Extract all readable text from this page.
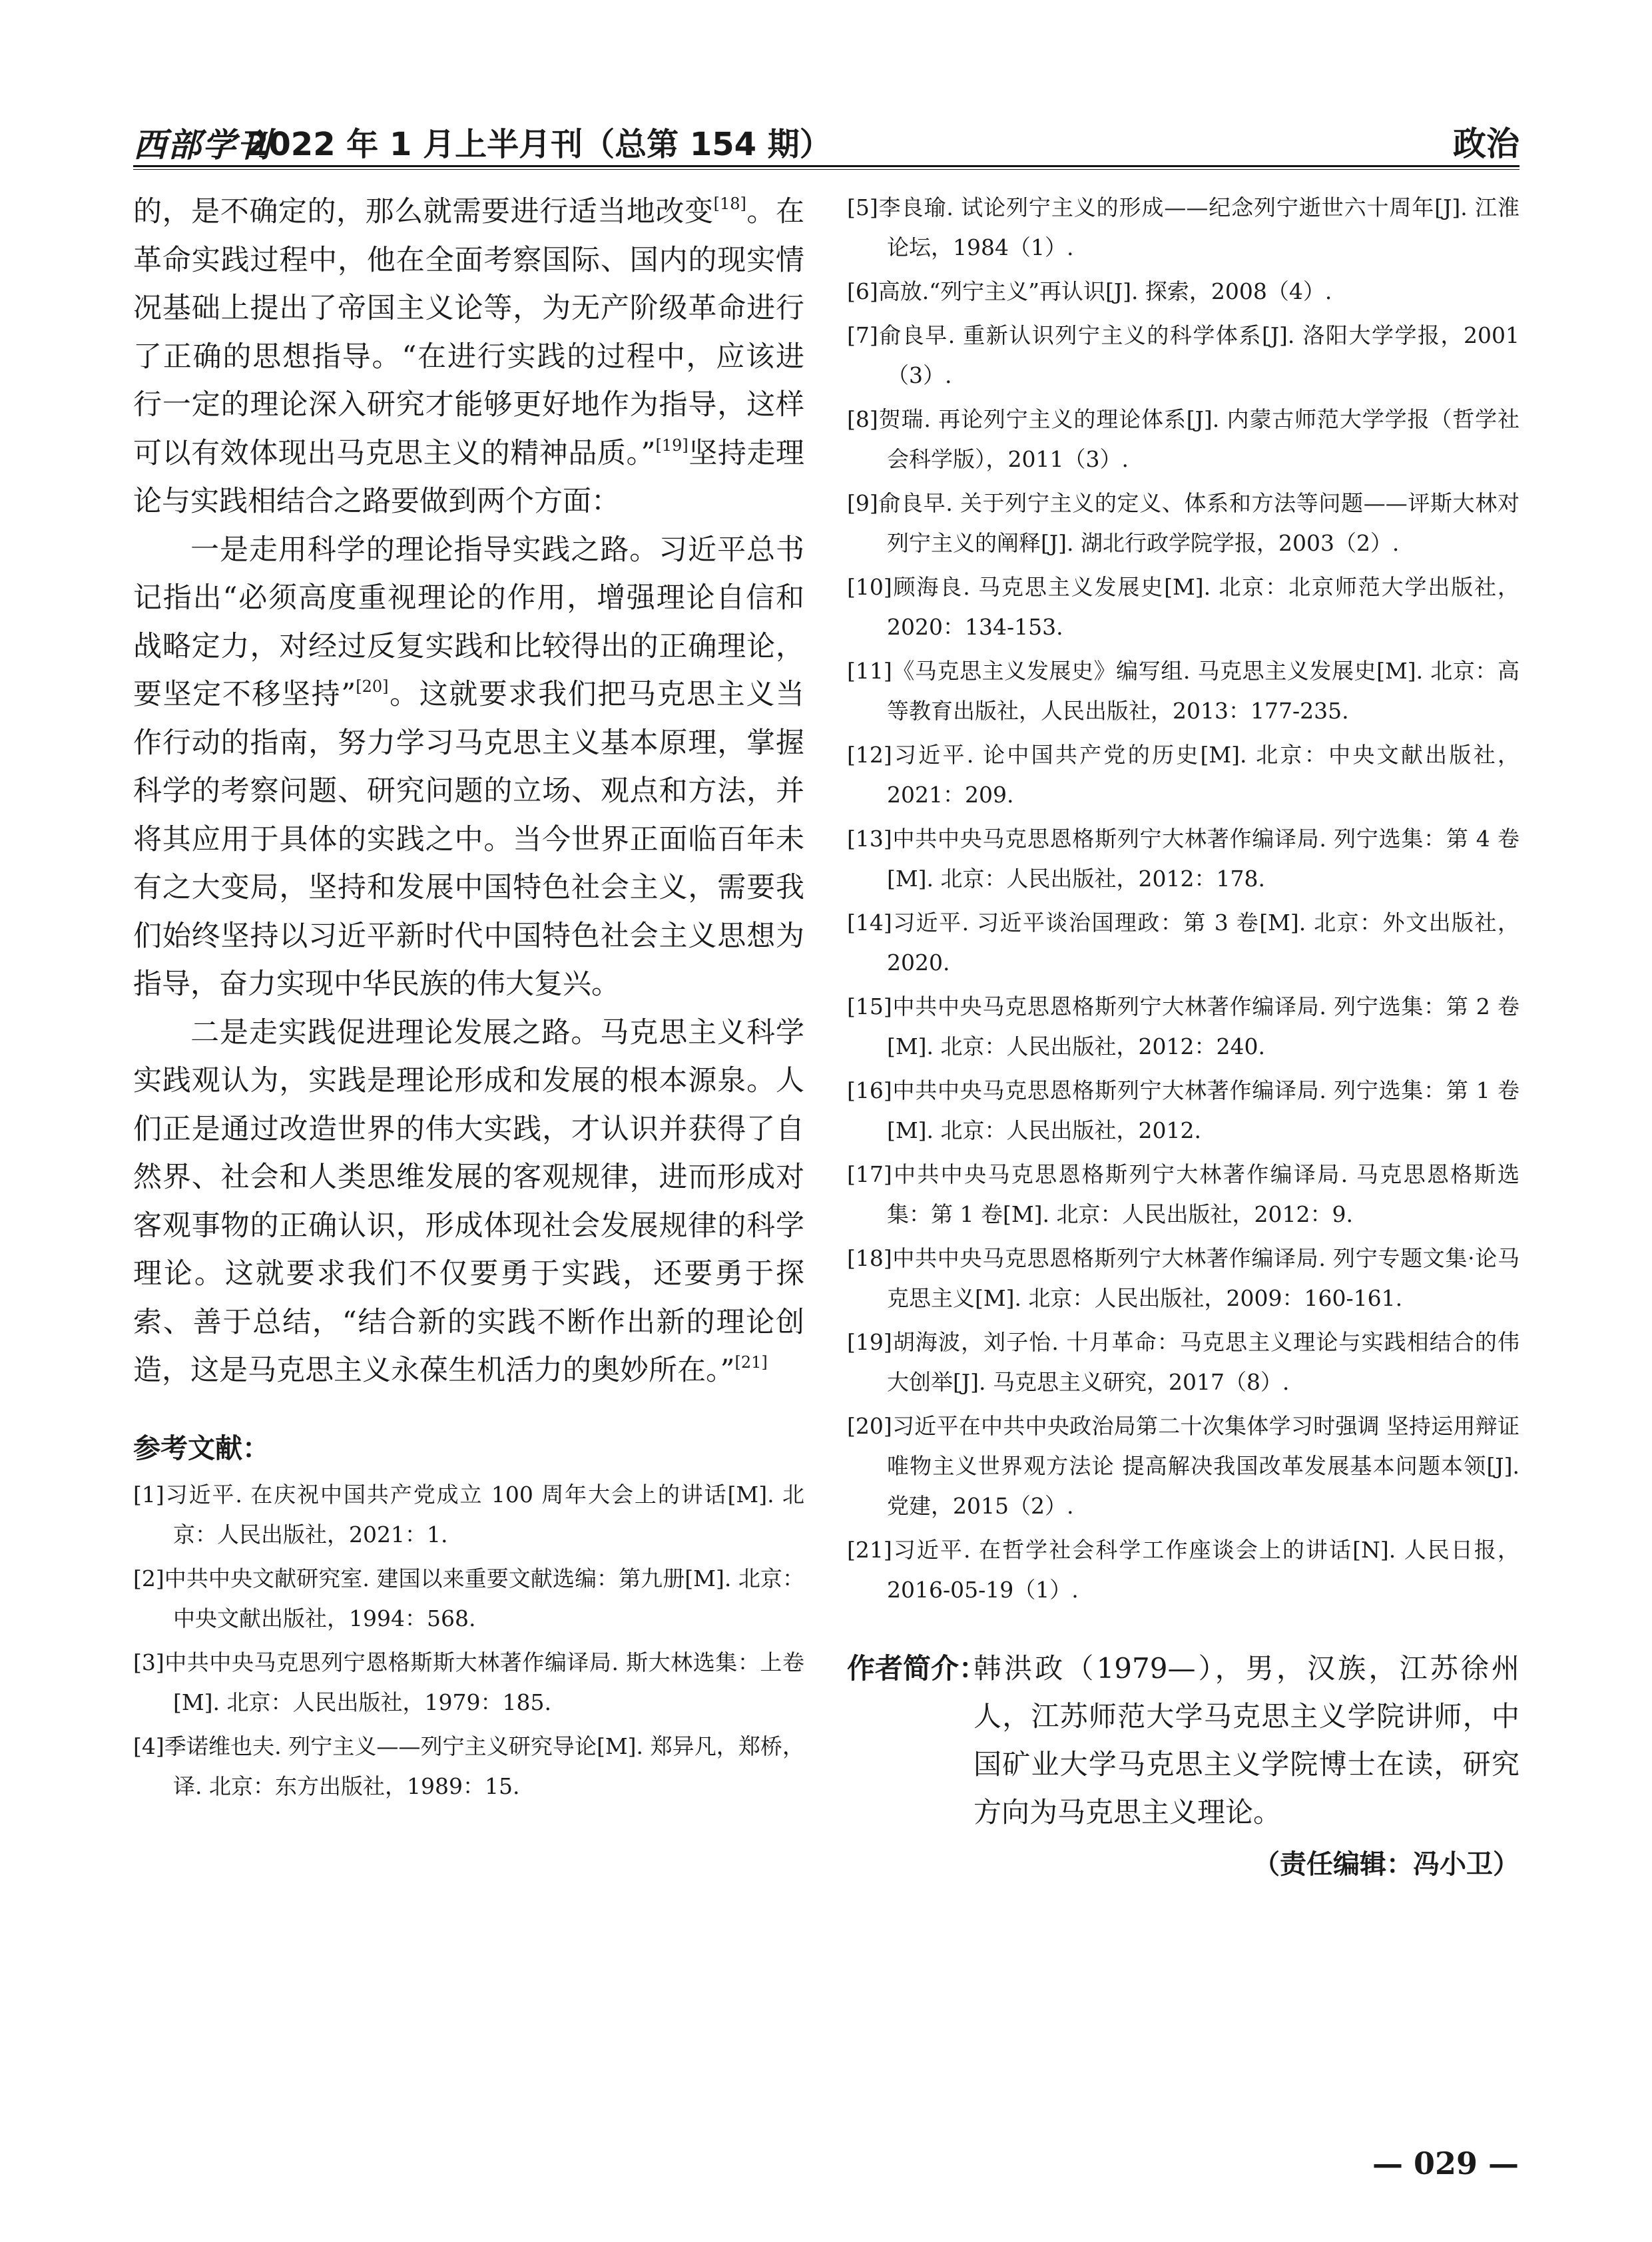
西部学刊
2022 年 1 月上半月刊（总第 154 期）	政治

的，是不确定的，那么就需要进行适当地改变[18]。在革命实践过程中，他在全面考察国际、国内的现实情况基础上提出了帝国主义论等，为无产阶级革命进行了正确的思想指导。“在进行实践的过程中，应该进行一定的理论深入研究才能够更好地作为指导，这样可以有效体现出马克思主义的精神品质。”[19]坚持走理论与实践相结合之路要做到两个方面：

一是走用科学的理论指导实践之路。习近平总书记指出“必须高度重视理论的作用，增强理论自信和战略定力，对经过反复实践和比较得出的正确理论，要坚定不移坚持”[20]。这就要求我们把马克思主义当作行动的指南，努力学习马克思主义基本原理，掌握科学的考察问题、研究问题的立场、观点和方法，并将其应用于具体的实践之中。当今世界正面临百年未有之大变局，坚持和发展中国特色社会主义，需要我们始终坚持以习近平新时代中国特色社会主义思想为指导，奋力实现中华民族的伟大复兴。

二是走实践促进理论发展之路。马克思主义科学实践观认为，实践是理论形成和发展的根本源泉。人们正是通过改造世界的伟大实践，才认识并获得了自然界、社会和人类思维发展的客观规律，进而形成对客观事物的正确认识，形成体现社会发展规律的科学理论。这就要求我们不仅要勇于实践，还要勇于探索、善于总结，“结合新的实践不断作出新的理论创造，这是马克思主义永葆生机活力的奥妙所在。”[21]

参考文献：

[1]习近平. 在庆祝中国共产党成立 100 周年大会上的讲话[M]. 北京：人民出版社，2021：1.

[2]中共中央文献研究室. 建国以来重要文献选编：第九册[M]. 北京：中央文献出版社，1994：568.

[3]中共中央马克思列宁恩格斯斯大林著作编译局. 斯大林选集：上卷[M]. 北京：人民出版社，1979：185.

[4]季诺维也夫. 列宁主义——列宁主义研究导论[M]. 郑异凡，郑桥，译. 北京：东方出版社，1989：15.

[5]李良瑜. 试论列宁主义的形成——纪念列宁逝世六十周年[J]. 江淮论坛，1984（1）.

[6]高放.“列宁主义”再认识[J]. 探索，2008（4）.

[7]俞良早. 重新认识列宁主义的科学体系[J]. 洛阳大学学报，2001（3）.

[8]贺瑞. 再论列宁主义的理论体系[J]. 内蒙古师范大学学报（哲学社会科学版），2011（3）.

[9]俞良早. 关于列宁主义的定义、体系和方法等问题——评斯大林对列宁主义的阐释[J]. 湖北行政学院学报，2003（2）.

[10]顾海良. 马克思主义发展史[M]. 北京：北京师范大学出版社，2020：134-153.

[11]《马克思主义发展史》编写组. 马克思主义发展史[M]. 北京：高等教育出版社，人民出版社，2013：177-235.

[12]习近平. 论中国共产党的历史[M]. 北京：中央文献出版社，2021：209.

[13]中共中央马克思恩格斯列宁大林著作编译局. 列宁选集：第 4 卷[M]. 北京：人民出版社，2012：178.

[14]习近平. 习近平谈治国理政：第 3 卷[M]. 北京：外文出版社，2020.

[15]中共中央马克思恩格斯列宁大林著作编译局. 列宁选集：第 2 卷[M]. 北京：人民出版社，2012：240.

[16]中共中央马克思恩格斯列宁大林著作编译局. 列宁选集：第 1 卷[M]. 北京：人民出版社，2012.

[17]中共中央马克思恩格斯列宁大林著作编译局. 马克思恩格斯选集：第 1 卷[M]. 北京：人民出版社，2012：9.

[18]中共中央马克思恩格斯列宁大林著作编译局. 列宁专题文集·论马克思主义[M]. 北京：人民出版社，2009：160-161.

[19]胡海波，刘子怡. 十月革命：马克思主义理论与实践相结合的伟大创举[J]. 马克思主义研究，2017（8）.

[20]习近平在中共中央政治局第二十次集体学习时强调 坚持运用辩证唯物主义世界观方法论 提高解决我国改革发展基本问题本领[J]. 党建，2015（2）.

[21]习近平. 在哲学社会科学工作座谈会上的讲话[N]. 人民日报，2016-05-19（1）.

作者简介：
韩洪政（1979—），男，汉族，江苏徐州人，江苏师范大学马克思主义学院讲师，中国矿业大学马克思主义学院博士在读，研究方向为马克思主义理论。
（责任编辑：冯小卫）
— 029 —
